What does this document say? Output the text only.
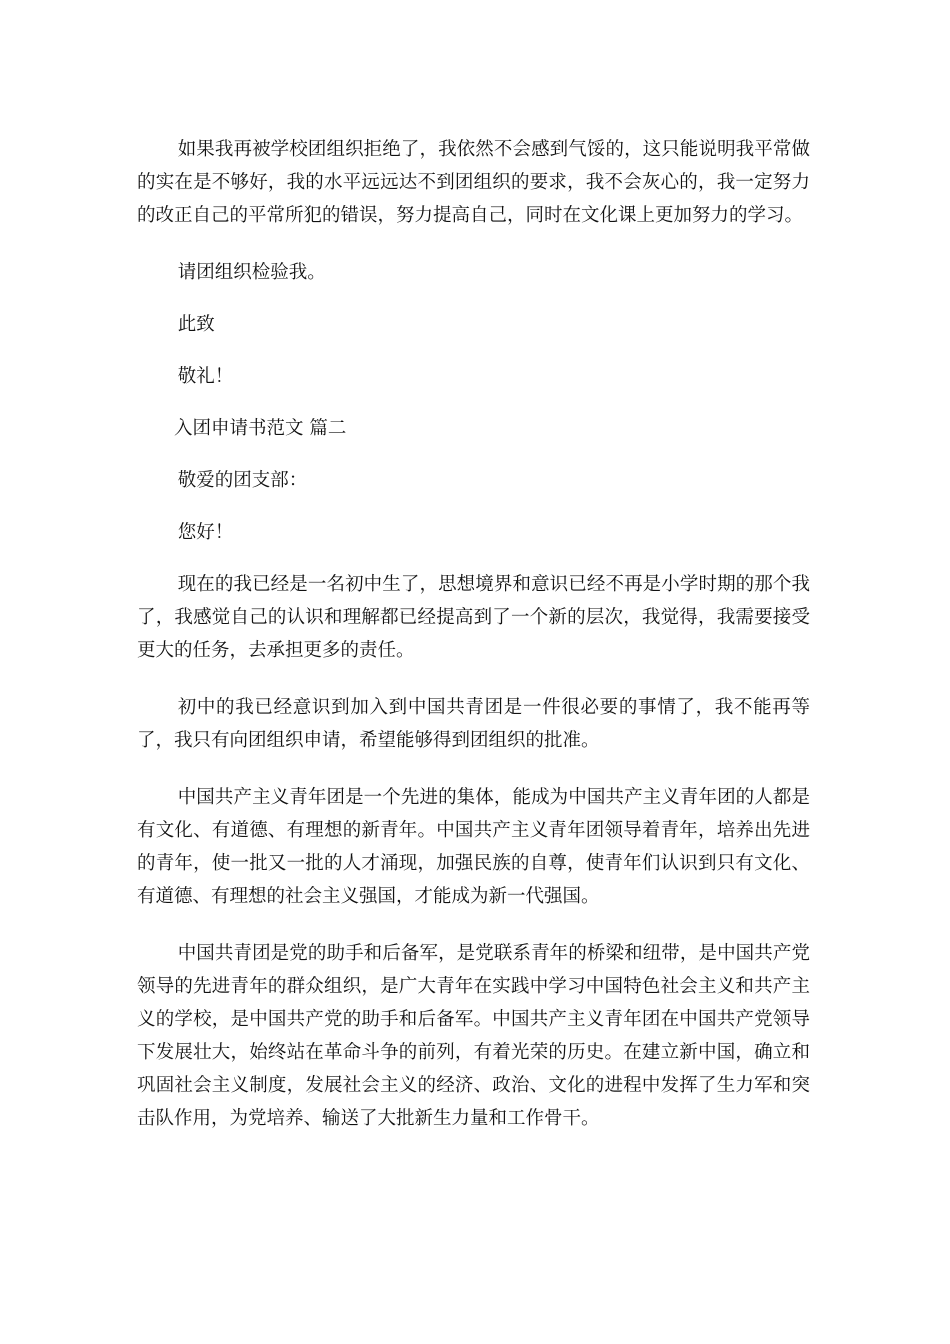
如果我再被学校团组织拒绝了，我依然不会感到气馁的，这只能说明我平常做的实在是不够好，我的水平远远达不到团组织的要求，我不会灰心的，我一定努力的改正自己的平常所犯的错误，努力提高自己，同时在文化课上更加努力的学习。

请团组织检验我。

此致

敬礼！

入团申请书范文 篇二

敬爱的团支部：

您好！

现在的我已经是一名初中生了，思想境界和意识已经不再是小学时期的那个我了，我感觉自己的认识和理解都已经提高到了一个新的层次，我觉得，我需要接受更大的任务，去承担更多的责任。

初中的我已经意识到加入到中国共青团是一件很必要的事情了，我不能再等了，我只有向团组织申请，希望能够得到团组织的批准。

中国共产主义青年团是一个先进的集体，能成为中国共产主义青年团的人都是有文化、有道德、有理想的新青年。中国共产主义青年团领导着青年，培养出先进的青年，使一批又一批的人才涌现，加强民族的自尊，使青年们认识到只有文化、有道德、有理想的社会主义强国，才能成为新一代强国。

中国共青团是党的助手和后备军，是党联系青年的桥梁和纽带，是中国共产党领导的先进青年的群众组织，是广大青年在实践中学习中国特色社会主义和共产主义的学校，是中国共产党的助手和后备军。中国共产主义青年团在中国共产党领导下发展壮大，始终站在革命斗争的前列，有着光荣的历史。在建立新中国，确立和巩固社会主义制度，发展社会主义的经济、政治、文化的进程中发挥了生力军和突击队作用，为党培养、输送了大批新生力量和工作骨干。
